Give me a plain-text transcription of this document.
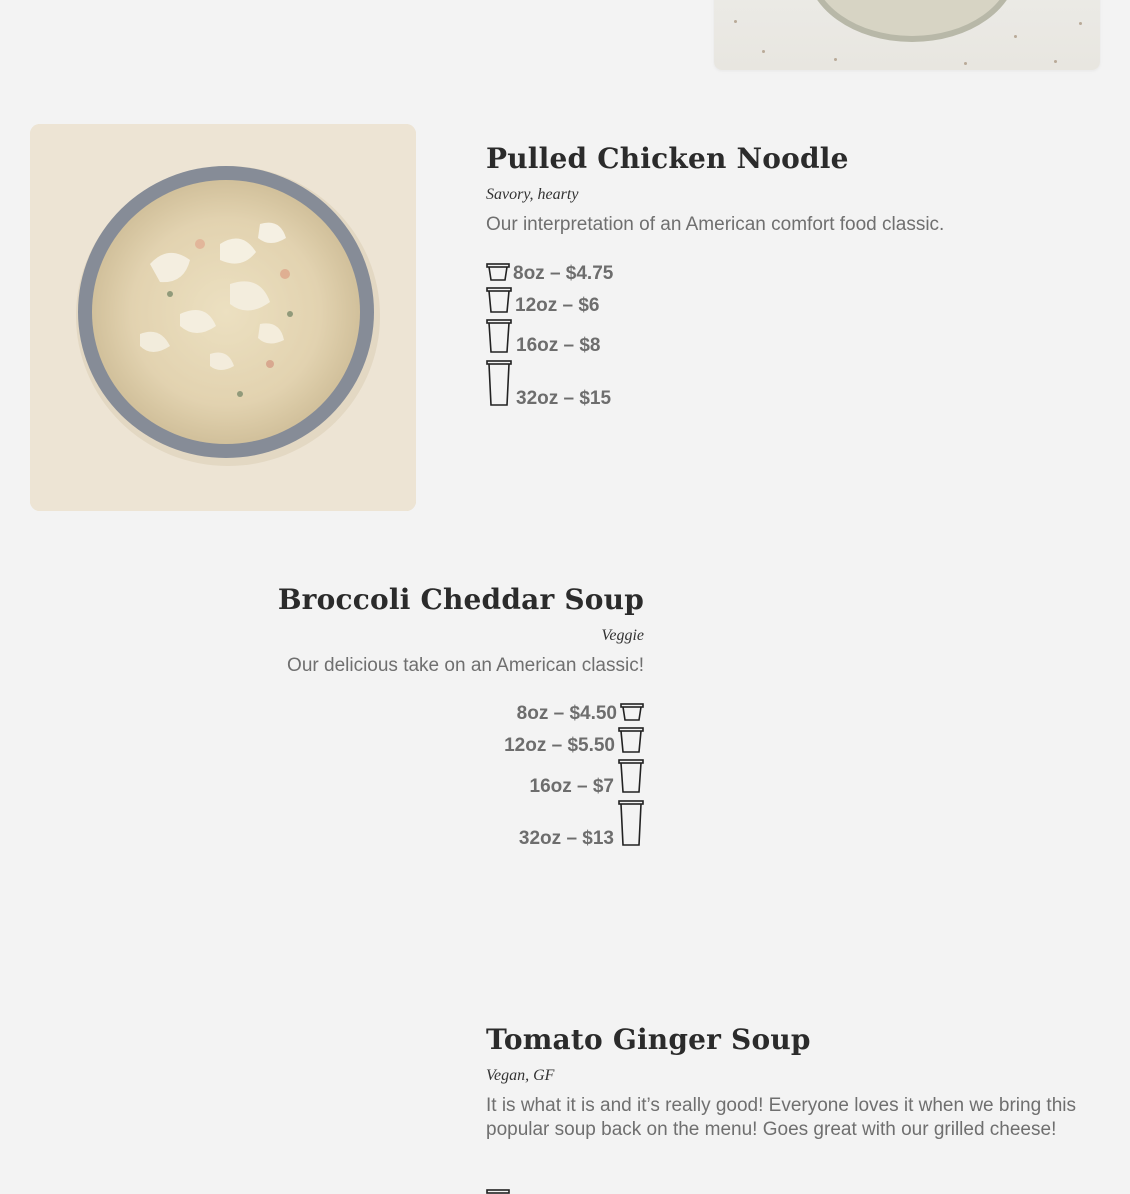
Pulled Chicken Noodle
Savory, hearty
Our interpretation of an American comfort food classic.
8oz – $4.75
12oz – $6
16oz – $8
32oz – $15
Broccoli Cheddar Soup
Veggie
Our delicious take on an American classic!
8oz – $4.50
12oz – $5.50
16oz – $7
32oz – $13
Tomato Ginger Soup
Vegan, GF
It is what it is and it’s really good! Everyone loves it when we bring this popular soup back on the menu! Goes great with our grilled cheese!
